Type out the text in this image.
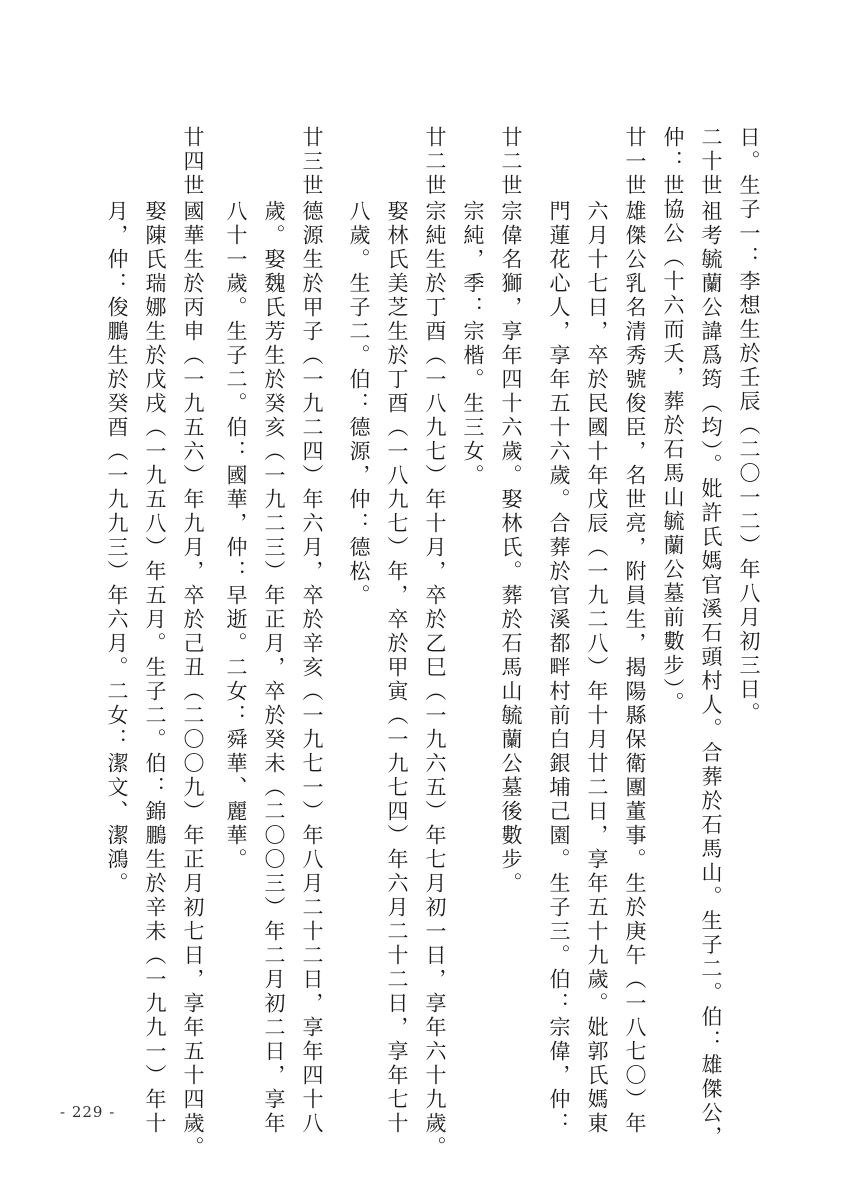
日。生子一：李想生於壬辰（二〇一二）年八月初三日。

二十世祖考毓蘭公諱爲筠（均）。妣許氏媽官溪石頭村人。合葬於石馬山。生子二。伯：雄傑公，

仲：世協公（十六而夭，葬於石馬山毓蘭公墓前數步）。

廿一世雄傑公乳名清秀號俊臣，名世亮，附員生，揭陽縣保衛團董事。生於庚午（一八七〇）年

六月十七日，卒於民國十年戊辰（一九二八）年十月廿二日，享年五十九歲。妣郭氏媽東

門蓮花心人，享年五十六歲。合葬於官溪都畔村前白銀埔己園。生子三。伯：宗偉，仲：

廿二世宗偉名獅，享年四十六歲。娶林氏。葬於石馬山毓蘭公墓後數步。

宗純，季：宗楷。生三女。

廿二世宗純生於丁酉（一八九七）年十月，卒於乙巳（一九六五）年七月初一日，享年六十九歲。

娶林氏美芝生於丁酉（一八九七）年，卒於甲寅（一九七四）年六月二十二日，享年七十

八歲。生子二。伯：德源，仲：德松。

廿三世德源生於甲子（一九二四）年六月，卒於辛亥（一九七一）年八月二十二日，享年四十八

歲。娶魏氏芳生於癸亥（一九二三）年正月，卒於癸未（二〇〇三）年二月初二日，享年

八十一歲。生子二。伯：國華，仲：早逝。二女：舜華、麗華。

廿四世國華生於丙申（一九五六）年九月，卒於己丑（二〇〇九）年正月初七日，享年五十四歲。

娶陳氏瑞娜生於戊戌（一九五八）年五月。生子二。伯：錦鵬生於辛未（一九九一）年十

月，仲：俊鵬生於癸酉（一九九三）年六月。二女：潔文、潔鴻。

- 229 -
